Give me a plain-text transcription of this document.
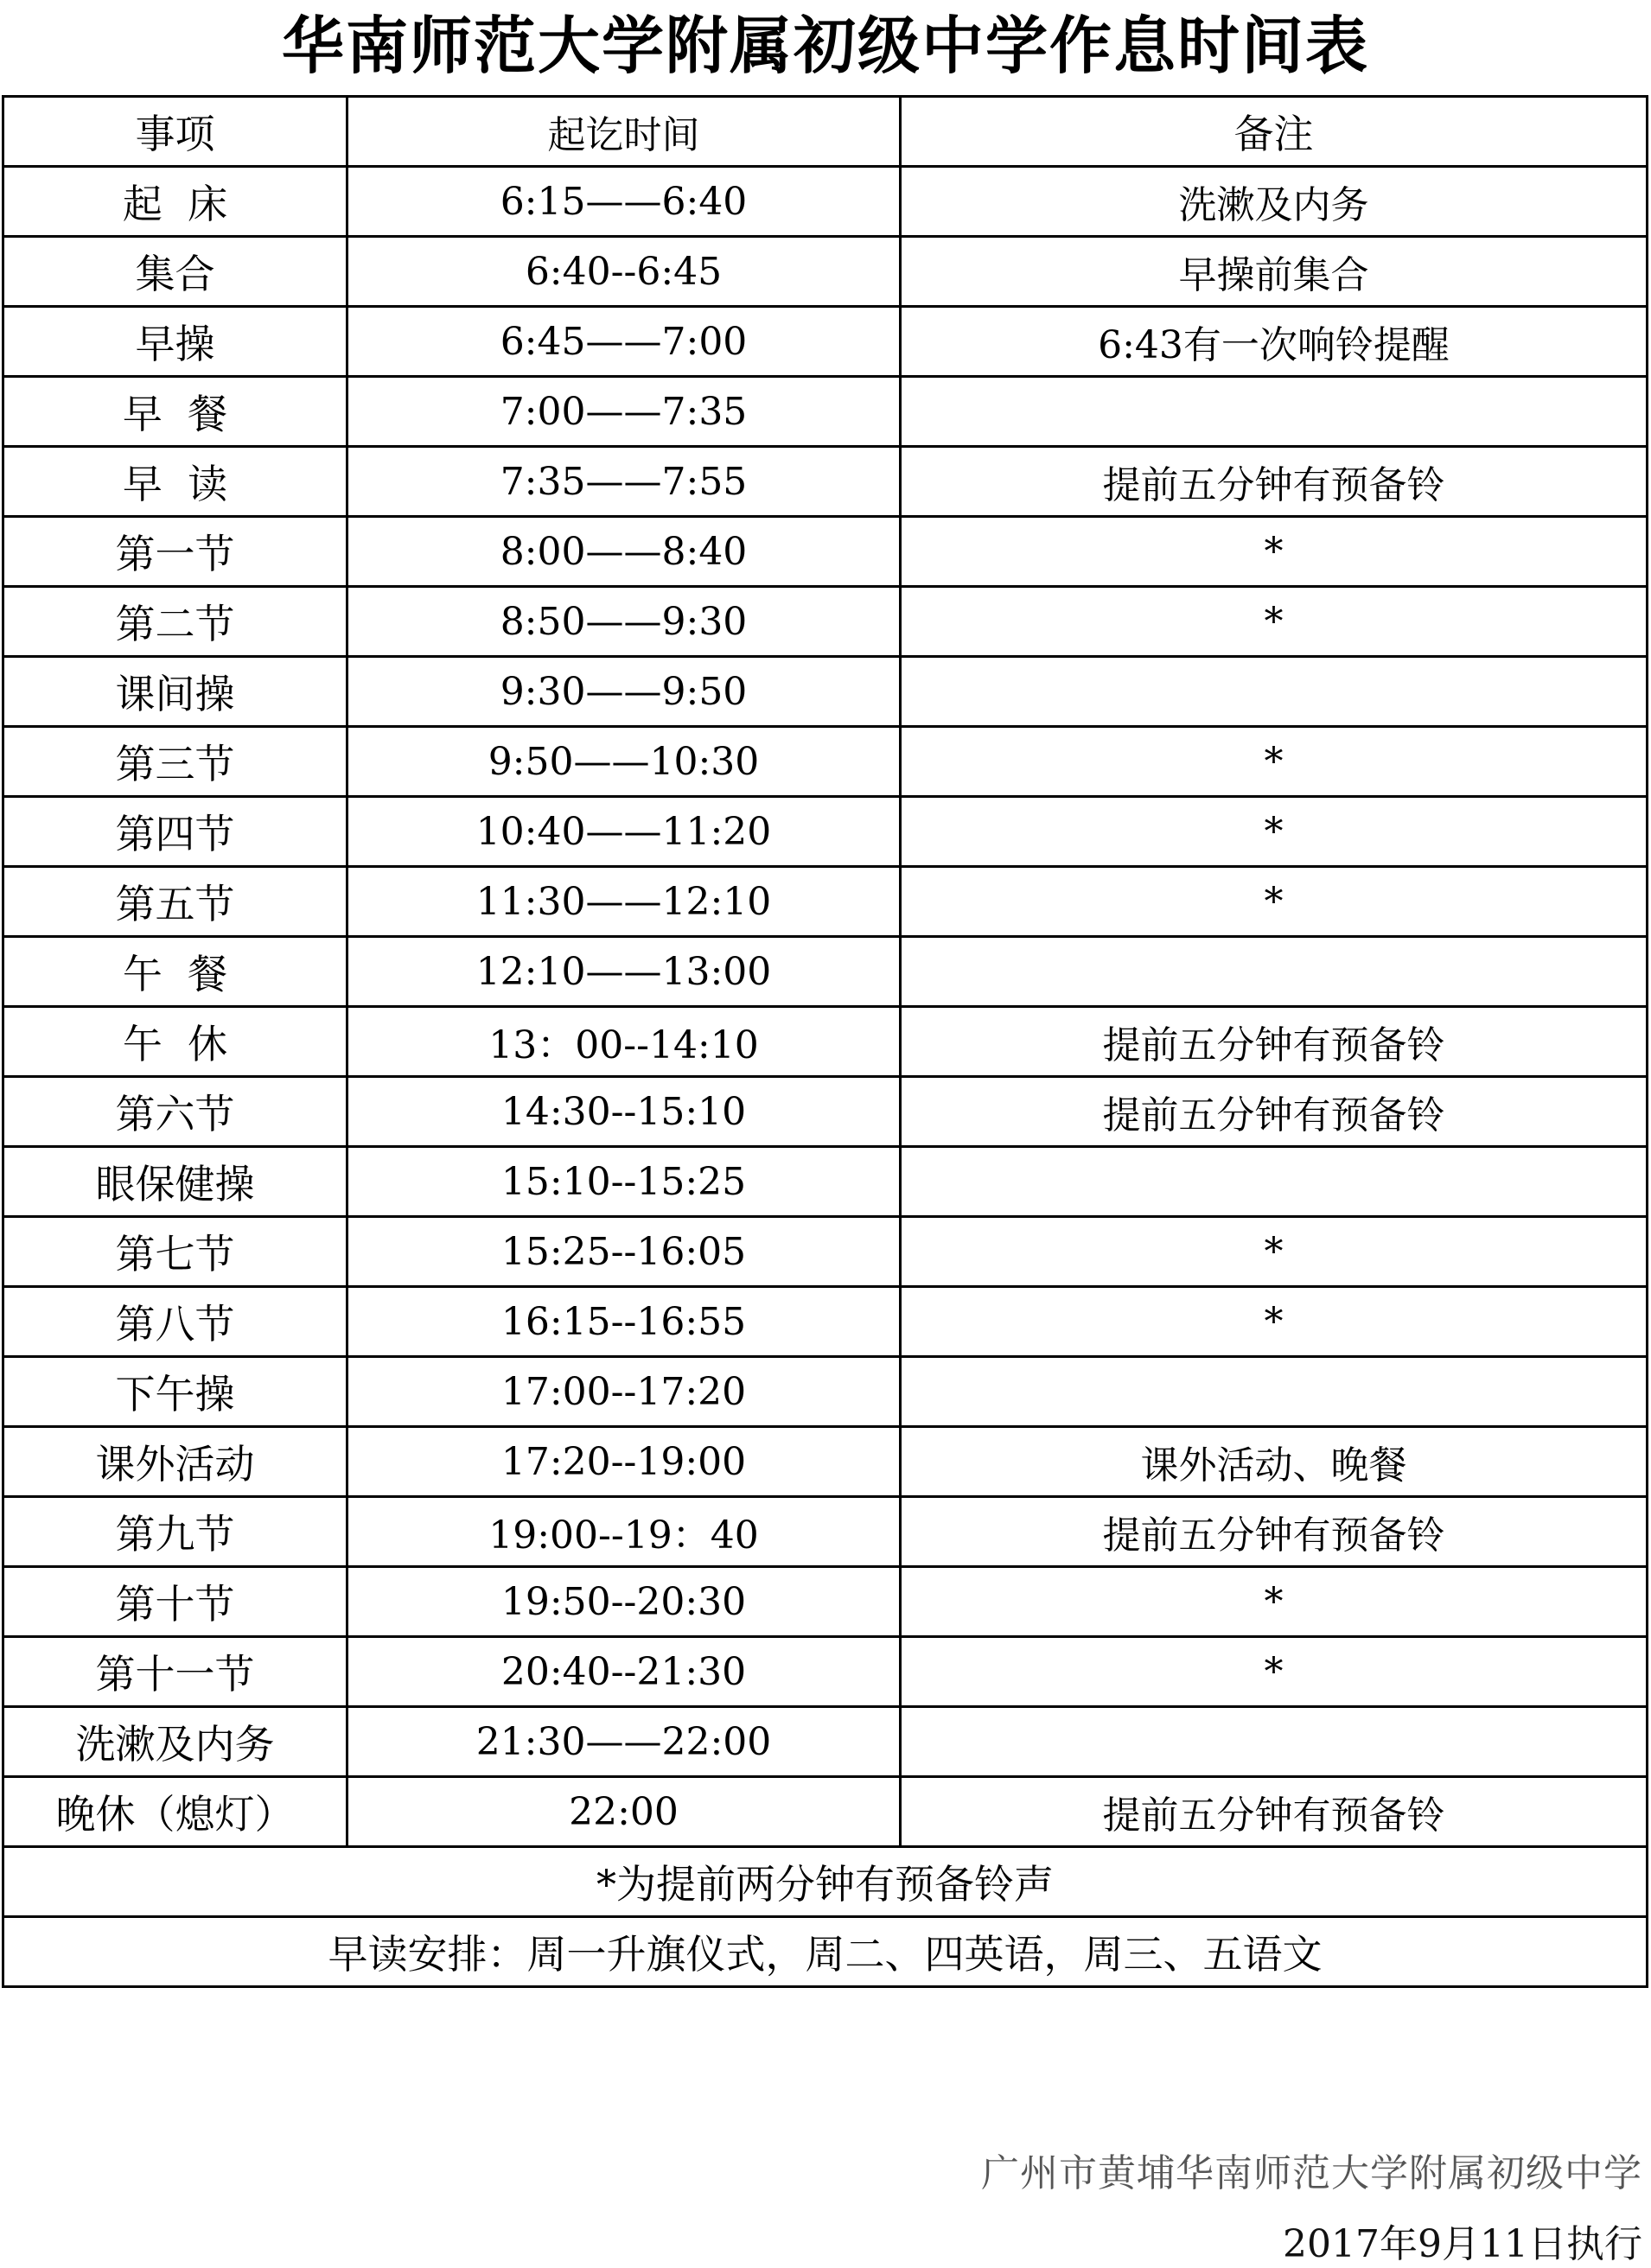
华南师范大学附属初级中学作息时间表
事项	起讫时间	备注
起  床	6:15——6:40	洗漱及内务
集合	6:40--6:45	早操前集合
早操	6:45——7:00	6:43有一次响铃提醒
早  餐	7:00——7:35	
早  读	7:35——7:55	提前五分钟有预备铃
第一节	8:00——8:40	*
第二节	8:50——9:30	*
课间操	9:30——9:50	
第三节	9:50——10:30	*
第四节	10:40——11:20	*
第五节	11:30——12:10	*
午  餐	12:10——13:00	
午  休	13：00--14:10	提前五分钟有预备铃
第六节	14:30--15:10	提前五分钟有预备铃
眼保健操	15:10--15:25	
第七节	15:25--16:05	*
第八节	16:15--16:55	*
下午操	17:00--17:20	
课外活动	17:20--19:00	课外活动、晚餐
第九节	19:00--19：40	提前五分钟有预备铃
第十节	19:50--20:30	*
第十一节	20:40--21:30	*
洗漱及内务	21:30——22:00	
晚休（熄灯）	22:00	提前五分钟有预备铃
*为提前两分钟有预备铃声		
早读安排：周一升旗仪式，周二、四英语，周三、五语文		
广州市黄埔华南师范大学附属初级中学
2017年9月11日执行
